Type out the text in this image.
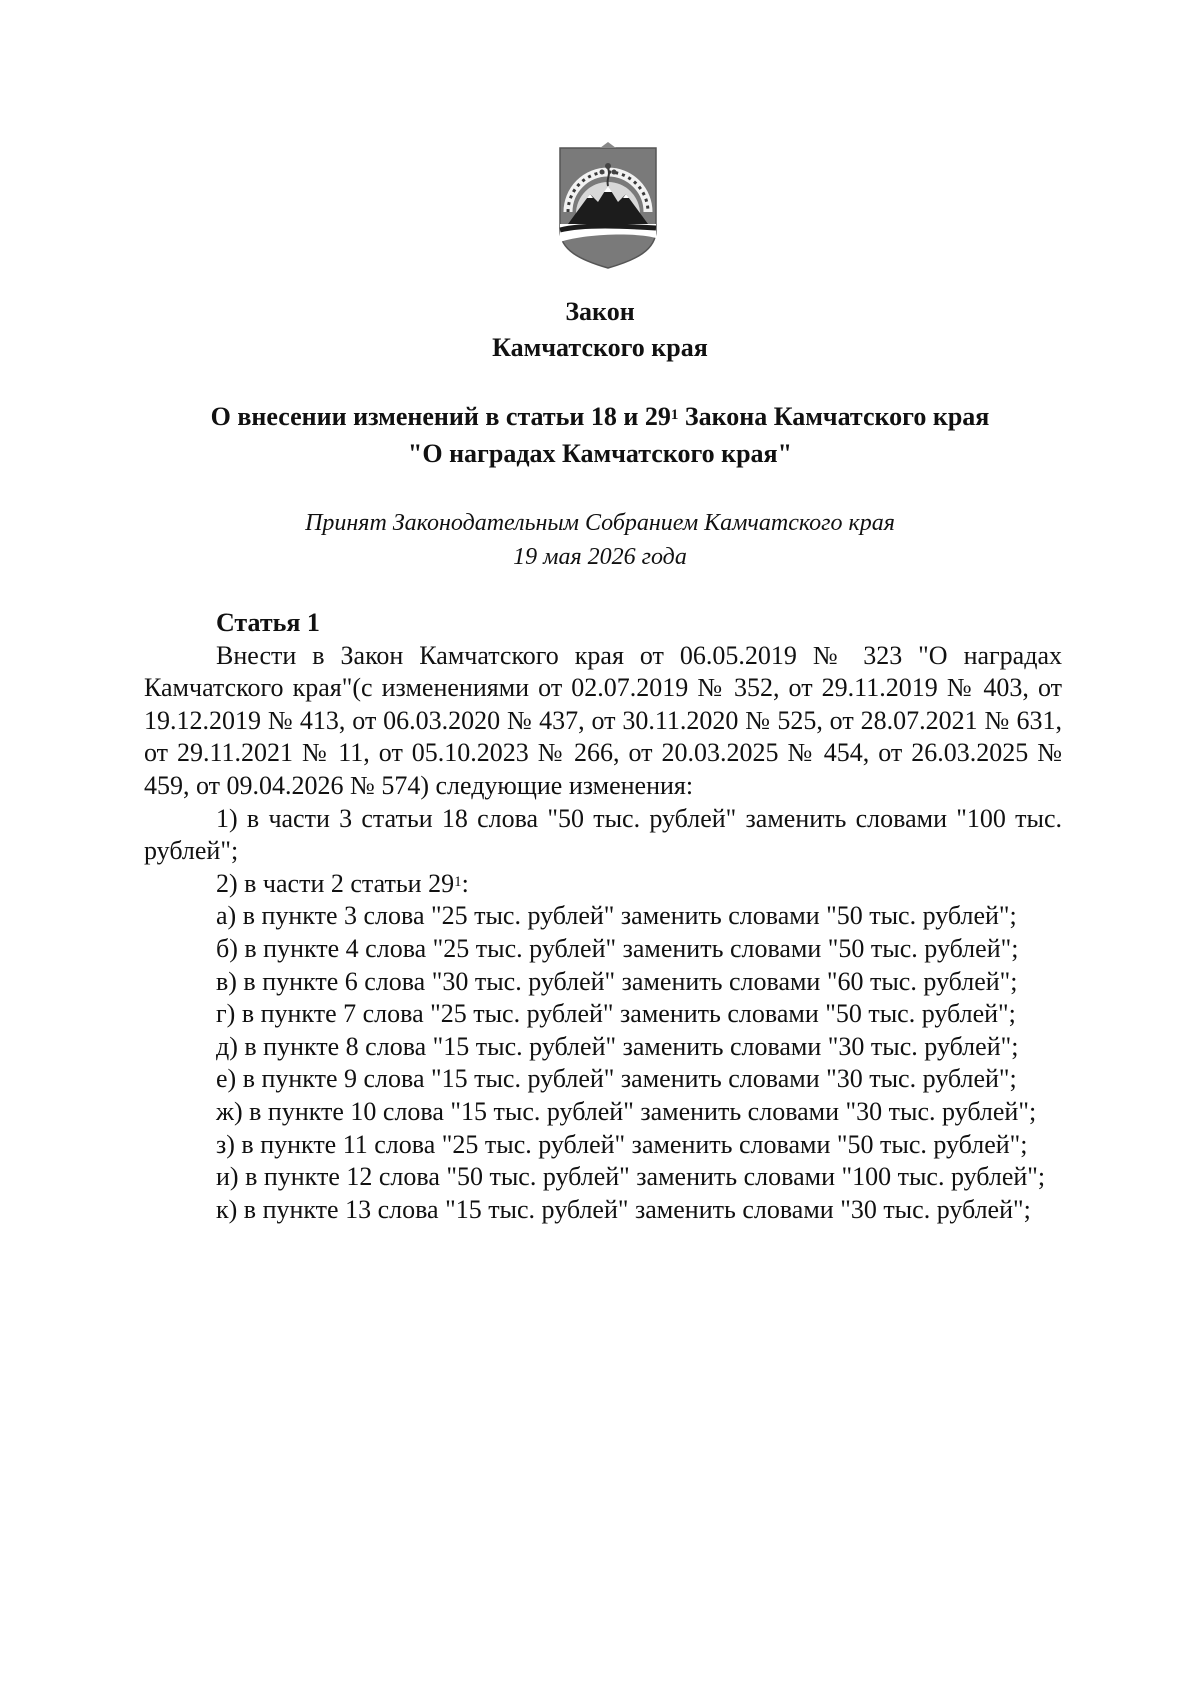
Закон
Камчатского края
О внесении изменений в статьи 18 и $29^1$ Закона Камчатского края
"О наградах Камчатского края"
Принят Законодательным Собранием Камчатского края
19 мая 2026 года

Статья 1

Внести в Закон Камчатского края от 06.05.2019 № 323 "О наградах Камчатского края"(с изменениями от 02.07.2019 № 352, от 29.11.2019 № 403, от 19.12.2019 № 413, от 06.03.2020 № 437, от 30.11.2020 № 525, от 28.07.2021 № 631, от 29.11.2021 № 11, от 05.10.2023 № 266, от 20.03.2025 № 454, от 26.03.2025 № 459, от 09.04.2026 № 574) следующие изменения:

1) в части 3 статьи 18 слова "50 тыс. рублей" заменить словами "100 тыс. рублей";

2) в части 2 статьи $29^1$:

а) в пункте 3 слова "25 тыс. рублей" заменить словами "50 тыс. рублей";

б) в пункте 4 слова "25 тыс. рублей" заменить словами "50 тыс. рублей";

в) в пункте 6 слова "30 тыс. рублей" заменить словами "60 тыс. рублей";

г) в пункте 7 слова "25 тыс. рублей" заменить словами "50 тыс. рублей";

д) в пункте 8 слова "15 тыс. рублей" заменить словами "30 тыс. рублей";

е) в пункте 9 слова "15 тыс. рублей" заменить словами "30 тыс. рублей";

ж) в пункте 10 слова "15 тыс. рублей" заменить словами "30 тыс. рублей";

з) в пункте 11 слова "25 тыс. рублей" заменить словами "50 тыс. рублей";

и) в пункте 12 слова "50 тыс. рублей" заменить словами "100 тыс. рублей";

к) в пункте 13 слова "15 тыс. рублей" заменить словами "30 тыс. рублей";
